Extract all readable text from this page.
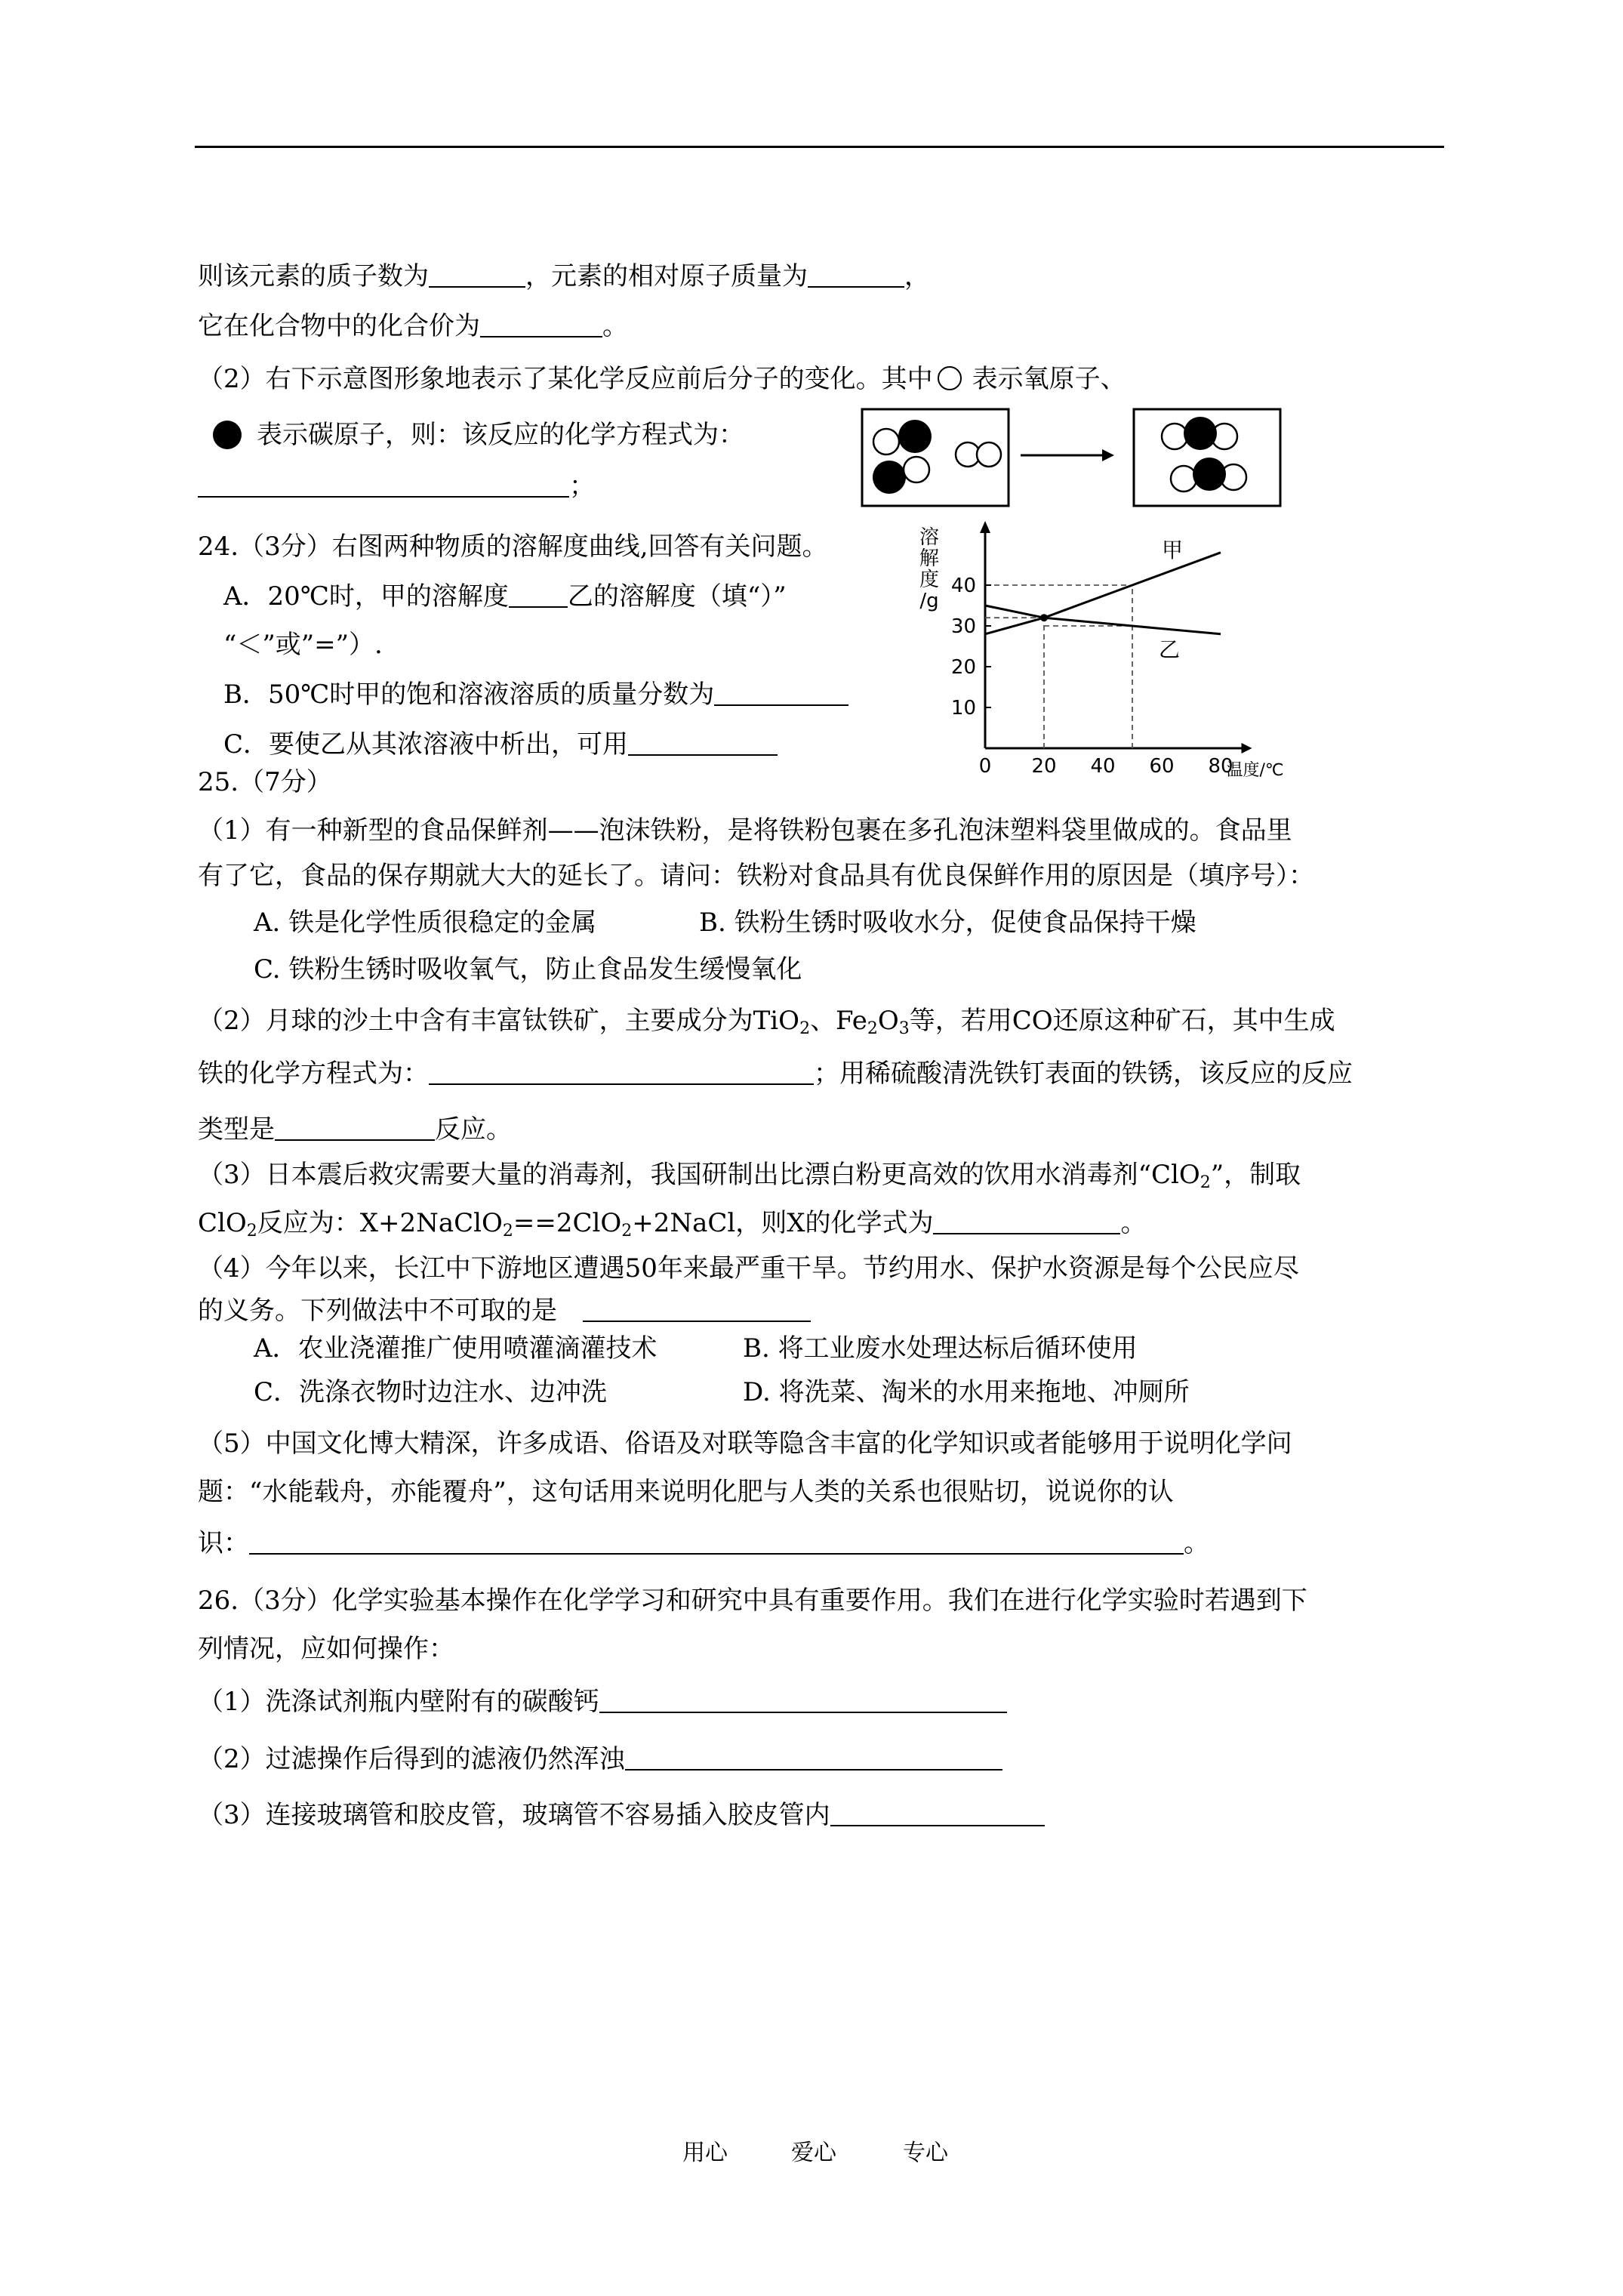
则该元素的质子数为	，元素的相对原子质量为	，
它在化合物中的化合价为	。
（2）右下示意图形象地表示了某化学反应前后分子的变化。其中 表示氧原子、
表示碳原子，则：该反应的化学方程式为：
；
24.（3分）右图两种物质的溶解度曲线,回答有关问题。
A．20℃时，甲的溶解度 乙的溶解度（填“）”
“＜”或”=”）.
B．50℃时甲的饱和溶液溶质的质量分数为
C．要使乙从其浓溶液中析出，可用
溶
解
度
/g
温度/℃
甲
乙
0 20 40 60 80
10
20
30
40
25.（7分）
（1）有一种新型的食品保鲜剂——泡沫铁粉，是将铁粉包裹在多孔泡沫塑料袋里做成的。食品里
有了它，食品的保存期就大大的延长了。请问：铁粉对食品具有优良保鲜作用的原因是（填序号）：
A. 铁是化学性质很稳定的金属	B. 铁粉生锈时吸收水分，促使食品保持干燥
C. 铁粉生锈时吸收氧气，防止食品发生缓慢氧化
（2）月球的沙土中含有丰富钛铁矿，主要成分为TiO$_2$、$Fe_2O_3$等，若用CO还原这种矿石，其中生成
铁的化学方程式为：	；用稀硫酸清洗铁钉表面的铁锈，该反应的反应
类型是	反应。
（3）日本震后救灾需要大量的消毒剂，我国研制出比漂白粉更高效的饮用水消毒剂“ClO$_2$”，制取
ClO$_2$反应为：X+2NaClO$_2$==2ClO$_2$+2NaCl，则X的化学式为	。
（4）今年以来，长江中下游地区遭遇50年来最严重干旱。节约用水、保护水资源是每个公民应尽
的义务。下列做法中不可取的是
A．农业浇灌推广使用喷灌滴灌技术	B. 将工业废水处理达标后循环使用
C．洗涤衣物时边注水、边冲洗	D. 将洗菜、淘米的水用来拖地、冲厕所
（5）中国文化博大精深，许多成语、俗语及对联等隐含丰富的化学知识或者能够用于说明化学问
题：“水能载舟，亦能覆舟”，这句话用来说明化肥与人类的关系也很贴切，说说你的认
识：	。
26.（3分）化学实验基本操作在化学学习和研究中具有重要作用。我们在进行化学实验时若遇到下
列情况，应如何操作：
（1）洗涤试剂瓶内壁附有的碳酸钙
（2）过滤操作后得到的滤液仍然浑浊
（3）连接玻璃管和胶皮管，玻璃管不容易插入胶皮管内
用心	爱心	专心
